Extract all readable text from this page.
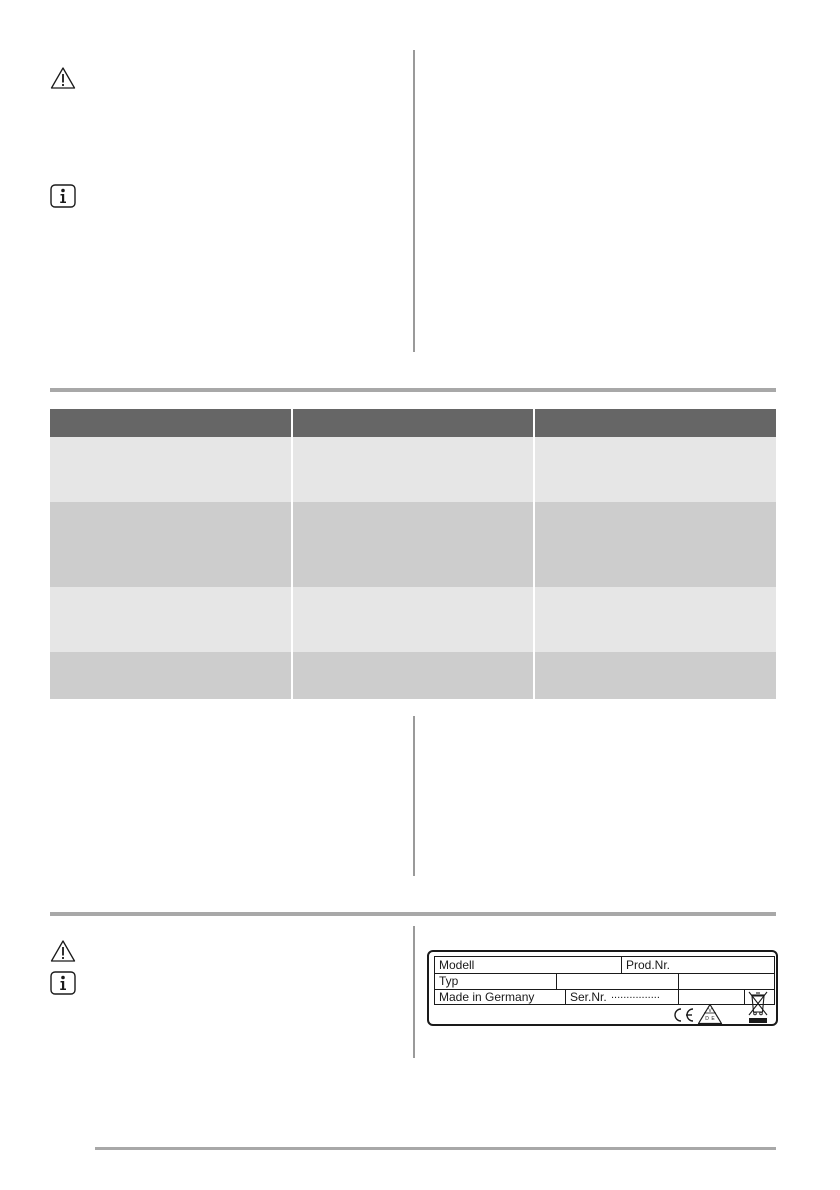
Modell	Prod.Nr.
Typ
Made in Germany	Ser.Nr. ................
V
D E
